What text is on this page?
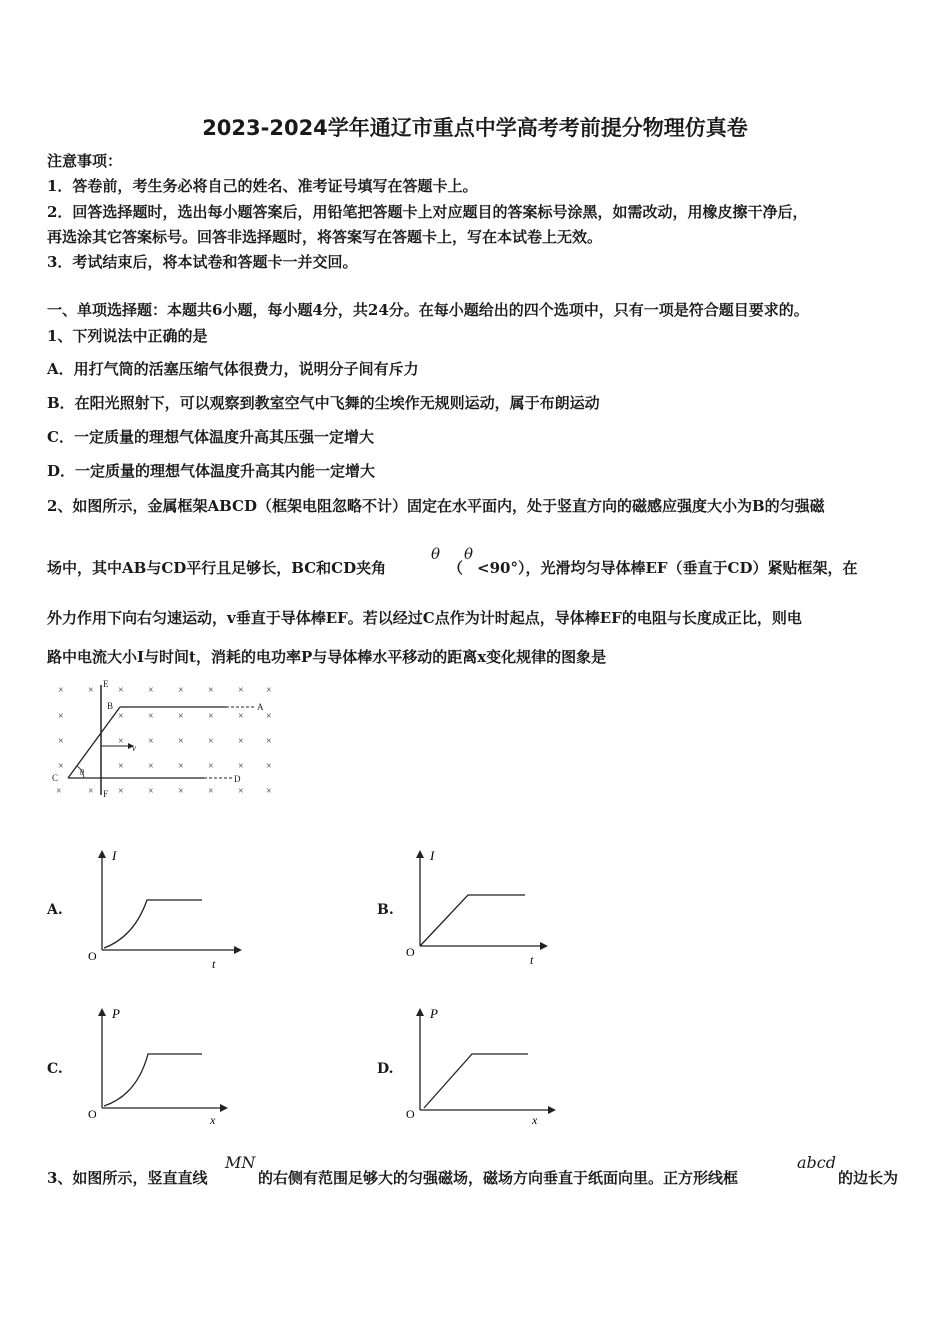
2023-2024学年通辽市重点中学高考考前提分物理仿真卷
注意事项：
1．答卷前，考生务必将自己的姓名、准考证号填写在答题卡上。
2．回答选择题时，选出每小题答案后，用铅笔把答题卡上对应题目的答案标号涂黑，如需改动，用橡皮擦干净后，
再选涂其它答案标号。回答非选择题时，将答案写在答题卡上，写在本试卷上无效。
3．考试结束后，将本试卷和答题卡一并交回。
一、单项选择题：本题共6小题，每小题4分，共24分。在每小题给出的四个选项中，只有一项是符合题目要求的。
1、下列说法中正确的是
A．用打气筒的活塞压缩气体很费力，说明分子间有斥力
B．在阳光照射下，可以观察到教室空气中飞舞的尘埃作无规则运动，属于布朗运动
C．一定质量的理想气体温度升高其压强一定增大
D．一定质量的理想气体温度升高其内能一定增大
2、如图所示，金属框架ABCD（框架电阻忽略不计）固定在水平面内，处于竖直方向的磁感应强度大小为B的匀强磁
场中，其中AB与CD平行且足够长，BC和CD夹角
θ
（
θ
<90°），光滑均匀导体棒EF（垂直于CD）紧贴框架，在
外力作用下向右匀速运动，v垂直于导体棒EF。若以经过C点作为计时起点，导体棒EF的电阻与长度成正比，则电
路中电流大小I与时间t，消耗的电功率P与导体棒水平移动的距离x变化规律的图象是
× × × × × × × ×
×	× × × × × ×
×	× × × × × ×
×	× × × × × ×
×	× × × × × × ×
E
B	A
C	D
F
v
θ
A.
I
O
t
B.
I
O
t
C.
P
O	x
D.
P
O	x
3、如图所示，竖直直线
MN
的右侧有范围足够大的匀强磁场，磁场方向垂直于纸面向里。正方形线框
abcd
的边长为
